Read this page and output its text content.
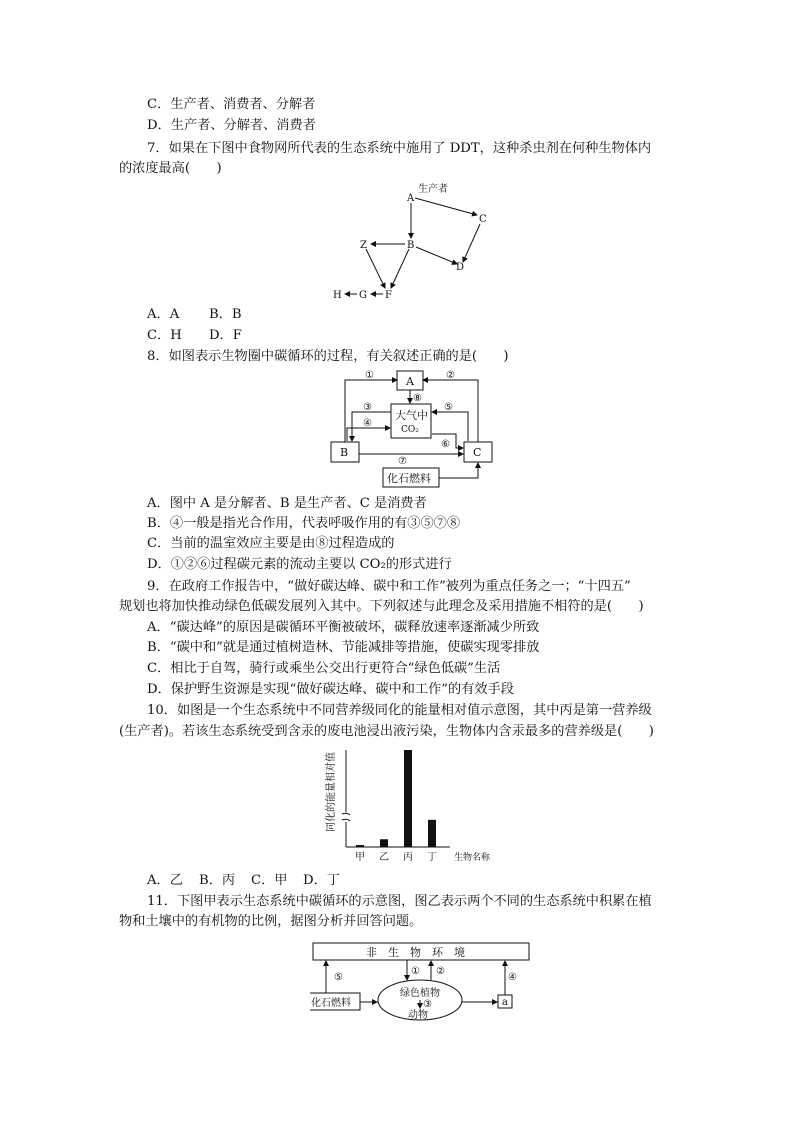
C．生产者、消费者、分解者
D．生产者、分解者、消费者
7．如果在下图中食物网所代表的生态系统中施用了 DDT，这种杀虫剂在何种生物体内
的浓度最高(　　)
生产者
A
B
C
D
Z
G
H	F
A．A B．B
C．H D．F
8．如图表示生物圈中碳循环的过程，有关叙述正确的是(　　)
A
大气中
CO₂
B	C
化石燃料
①	②
③
④
⑤
⑥
⑦
⑧
A．图中 A 是分解者、B 是生产者、C 是消费者
B．④一般是指光合作用，代表呼吸作用的有③⑤⑦⑧
C．当前的温室效应主要是由⑧过程造成的
D．①②⑥过程碳元素的流动主要以 CO₂的形式进行
9．在政府工作报告中，“做好碳达峰、碳中和工作”被列为重点任务之一；“十四五”
规划也将加快推动绿色低碳发展列入其中。下列叙述与此理念及采用措施不相符的是(　　)
A．“碳达峰”的原因是碳循环平衡被破坏，碳释放速率逐渐减少所致
B．“碳中和”就是通过植树造林、节能减排等措施，使碳实现零排放
C．相比于自驾，骑行或乘坐公交出行更符合“绿色低碳”生活
D．保护野生资源是实现“做好碳达峰、碳中和工作”的有效手段
10．如图是一个生态系统中不同营养级同化的能量相对值示意图，其中丙是第一营养级
(生产者)。若该生态系统受到含汞的废电池浸出液污染，生物体内含汞最多的营养级是(　　)
同化的能量相对值
甲 乙 丙 丁 生物名称
A．乙 B．丙 C．甲 D．丁
11．下图甲表示生态系统中碳循环的示意图，图乙表示两个不同的生态系统中积累在植
物和土壤中的有机物的比例，据图分析并回答问题。
非　生　物　环　境
化石燃料
绿色植物
动物
a
⑤
① ②
③
④
